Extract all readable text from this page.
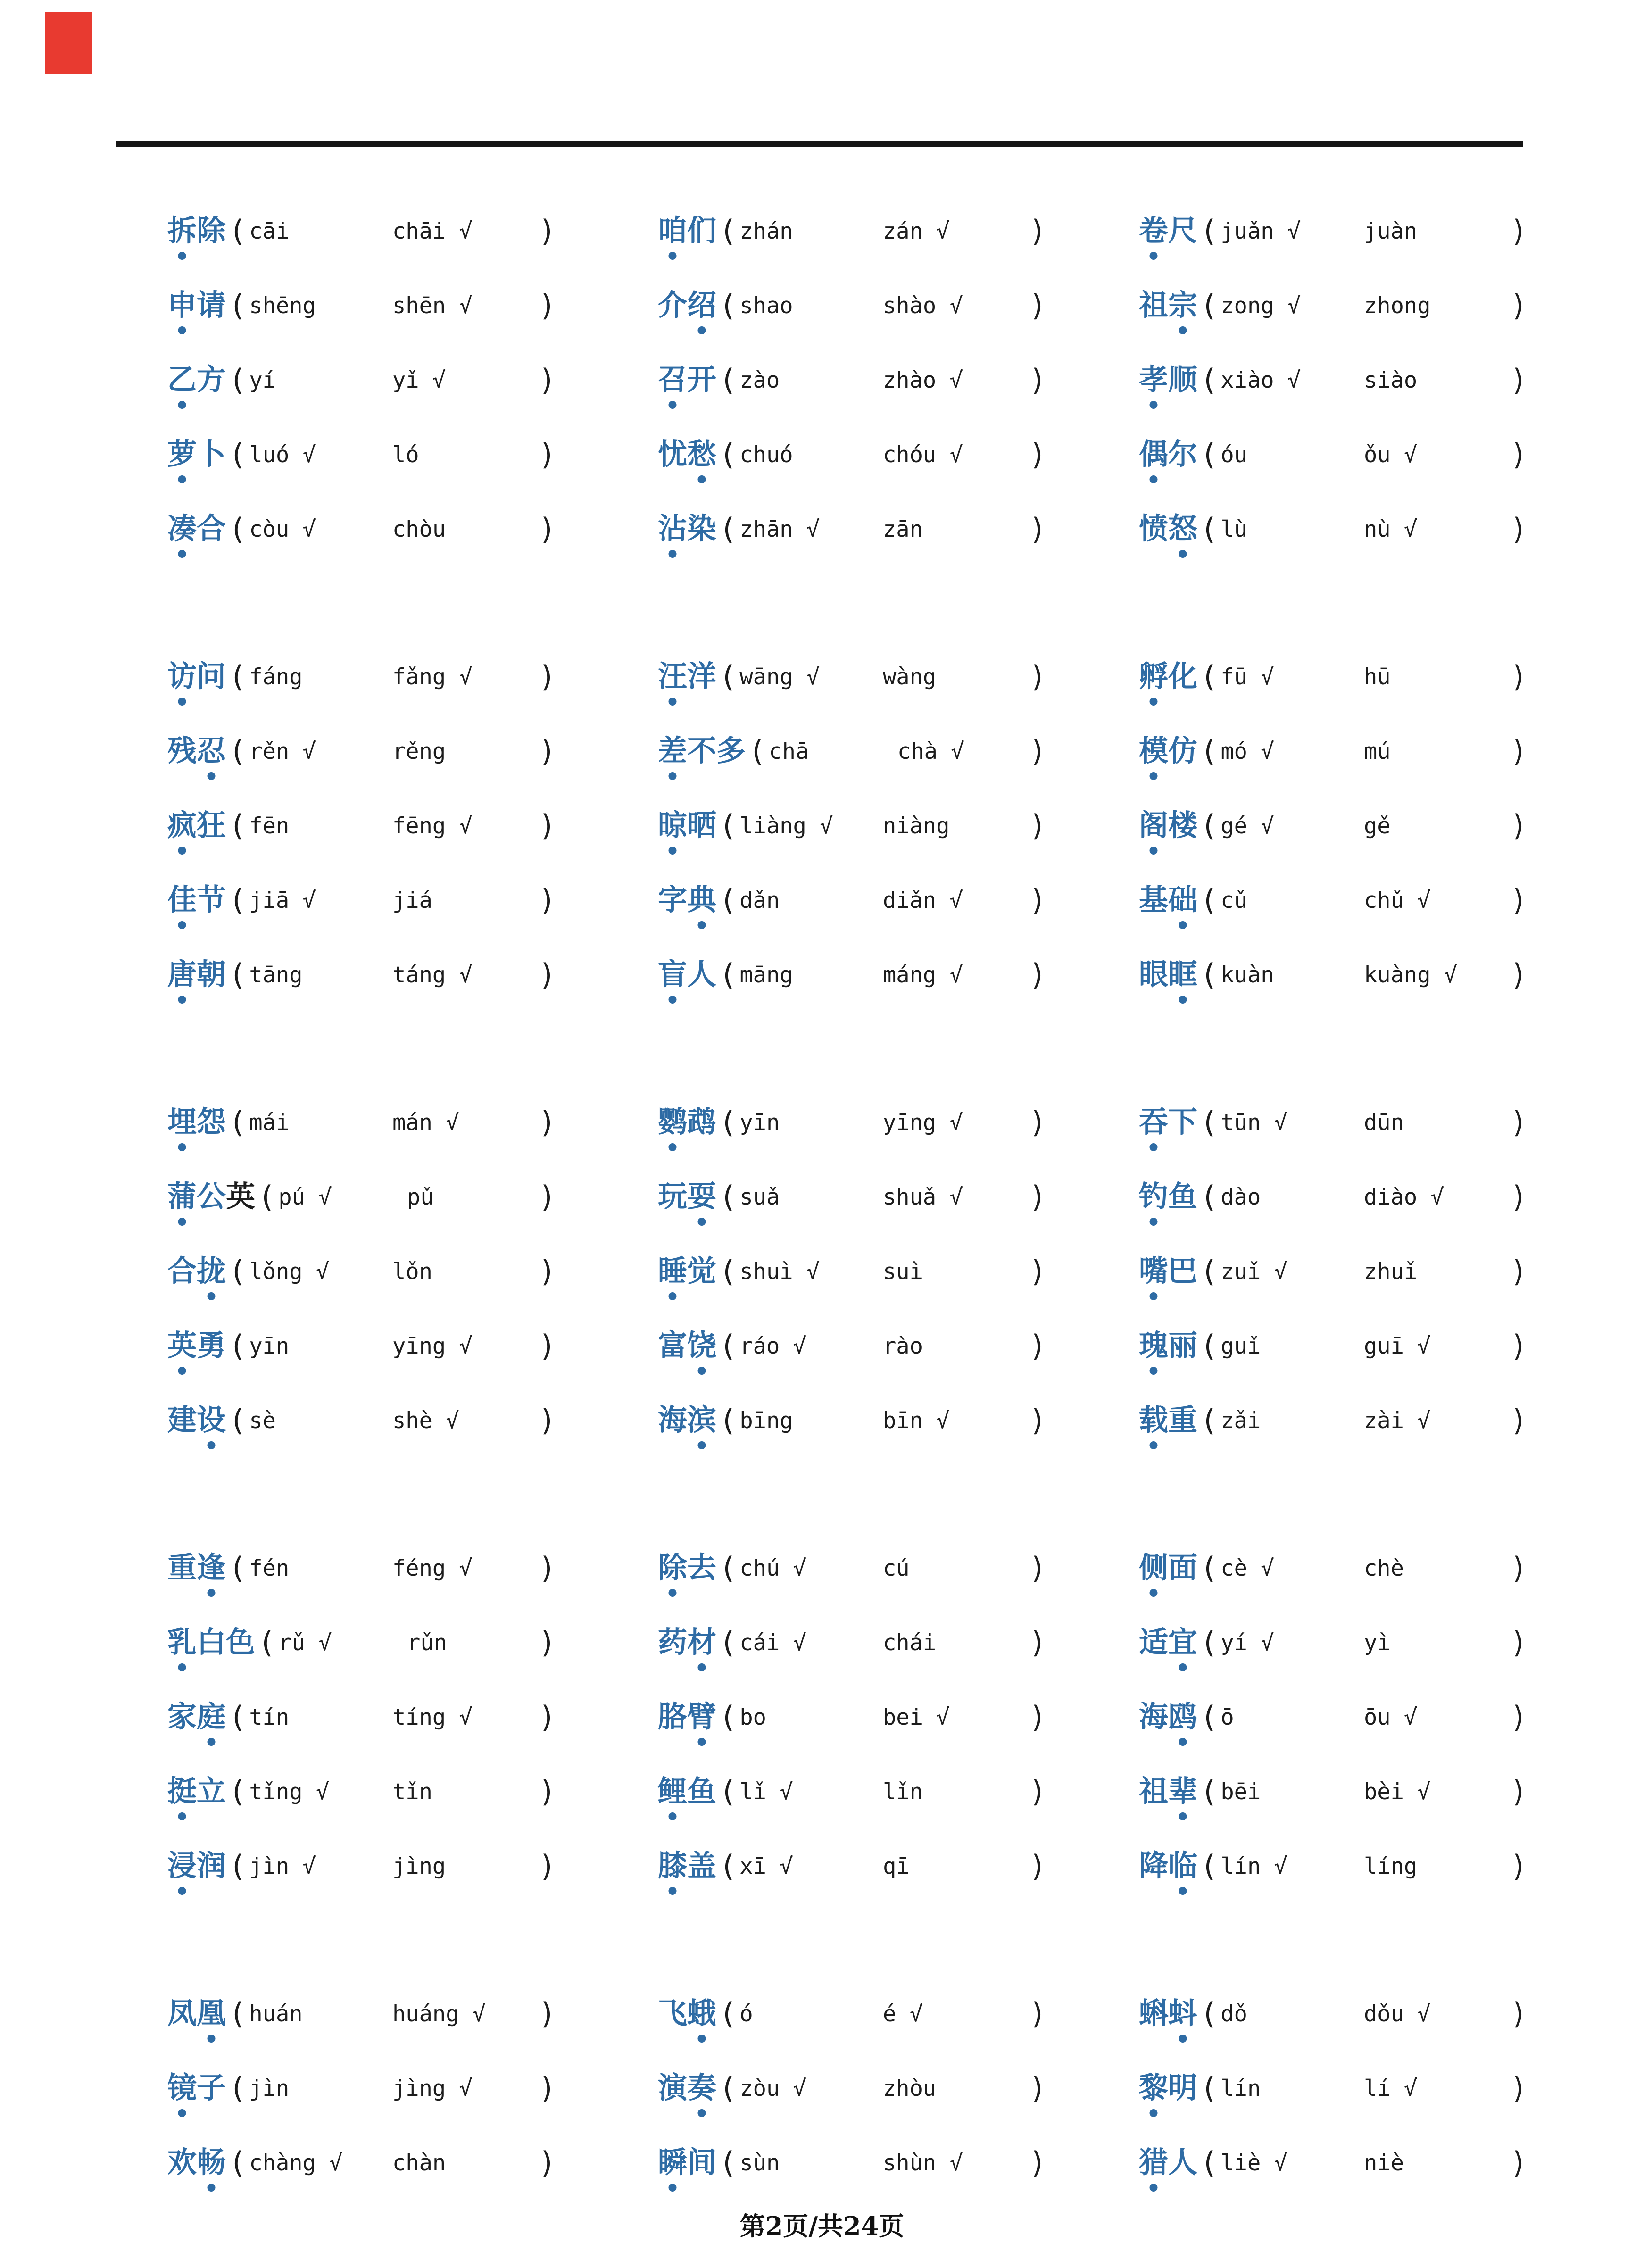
拆除 ( cāi	chāi √	)
申请 ( shēng	shēn √	)
乙方 ( yí	yǐ √	)
萝卜 ( luó √	ló	)
凑合 ( còu √	chòu	)
访问 ( fáng	fǎng √	)
残忍 ( rěn √	rěng	)
疯狂 ( fēn	fēng √	)
佳节 ( jiā √	jiá	)
唐朝 ( tāng	táng √	)
埋怨 ( mái	mán √	)
蒲公英 ( pú √	pǔ	)
合拢 ( lǒng √	lǒn	)
英勇 ( yīn	yīng √	)
建设 ( sè	shè √	)
重逢 ( fén	féng √	)
乳白色 ( rǔ √	rǔn	)
家庭 ( tín	tíng √	)
挺立 ( tǐng √	tǐn	)
浸润 ( jìn √	jìng	)
凤凰 ( huán	huáng √	)
镜子 ( jìn	jìng √	)
欢畅 ( chàng √	chàn	)
咱们 ( zhán	zán √	)
介绍 ( shao	shào √	)
召开 ( zào	zhào √	)
忧愁 ( chuó	chóu √	)
沾染 ( zhān √	zān	)
汪洋 ( wāng √	wàng	)
差不多 ( chā	chà √	)
晾晒 ( liàng √	niàng	)
字典 ( dǎn	diǎn √	)
盲人 ( māng	máng √	)
鹦鹉 ( yīn	yīng √	)
玩耍 ( suǎ	shuǎ √	)
睡觉 ( shuì √	suì	)
富饶 ( ráo √	rào	)
海滨 ( bīng	bīn √	)
除去 ( chú √	cú	)
药材 ( cái √	chái	)
胳臂 ( bo	bei √	)
鲤鱼 ( lǐ √	lǐn	)
膝盖 ( xī √	qī	)
飞蛾 ( ó	é √	)
演奏 ( zòu √	zhòu	)
瞬间 ( sùn	shùn √	)
卷尺 ( juǎn √	juàn	)
祖宗 ( zong √	zhong	)
孝顺 ( xiào √	siào	)
偶尔 ( óu	ǒu √	)
愤怒 ( lù	nù √	)
孵化 ( fū √	hū	)
模仿 ( mó √	mú	)
阁楼 ( gé √	gě	)
基础 ( cǔ	chǔ √	)
眼眶 ( kuàn	kuàng √	)
吞下 ( tūn √	dūn	)
钓鱼 ( dào	diào √	)
嘴巴 ( zuǐ √	zhuǐ	)
瑰丽 ( guǐ	guī √	)
载重 ( zǎi	zài √	)
侧面 ( cè √	chè	)
适宜 ( yí √	yì	)
海鸥 ( ō	ōu √	)
祖辈 ( bēi	bèi √	)
降临 ( lín √	líng	)
蝌蚪 ( dǒ	dǒu √	)
黎明 ( lín	lí √	)
猎人 ( liè √	niè	)
第2页/共24页
